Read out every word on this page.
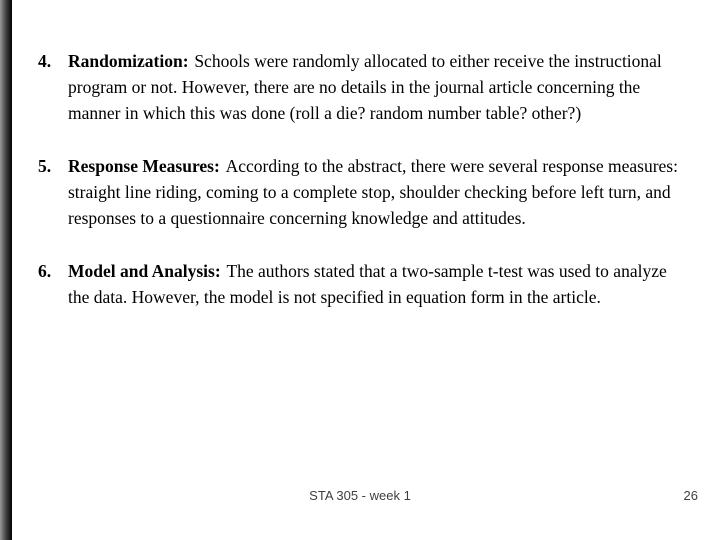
4. Randomization: Schools were randomly allocated to either receive the instructional program or not. However, there are no details in the journal article concerning the manner in which this was done (roll a die? random number table? other?)
5. Response Measures: According to the abstract, there were several response measures: straight line riding, coming to a complete stop, shoulder checking before left turn, and responses to a questionnaire concerning knowledge and attitudes.
6. Model and Analysis: The authors stated that a two-sample t-test was used to analyze the data. However, the model is not specified in equation form in the article.
STA 305 - week 1	26
